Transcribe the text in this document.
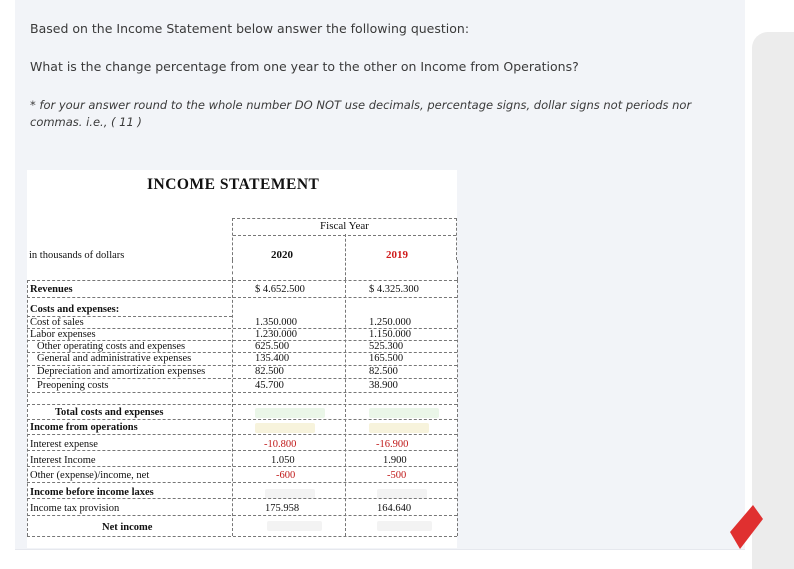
Based on the Income Statement below answer the following question:
What is the change percentage from one year to the other on Income from Operations?
* for your answer round to the whole number DO NOT use decimals, percentage signs, dollar signs not periods nor commas. i.e., ( 11 )
INCOME STATEMENT
Fiscal Year
2020	2019
in thousands of dollars
Revenues	$ 4.652.500	$ 4.325.300
Costs and expenses:
Cost of sales	1.350.000	1.250.000
Labor expenses	1.230.000	1.150.000
Other operating costs and expenses	625.500	525.300
General and administrative expenses	135.400	165.500
Depreciation and amortization expenses	82.500	82.500
Preopening costs	45.700	38.900
Total costs and expenses
Income from operations
Interest expense	-10.800	-16.900
Interest Income	1.050	1.900
Other (expense)/income, net	-600	-500
Income before income laxes
Income tax provision	175.958	164.640
Net income
